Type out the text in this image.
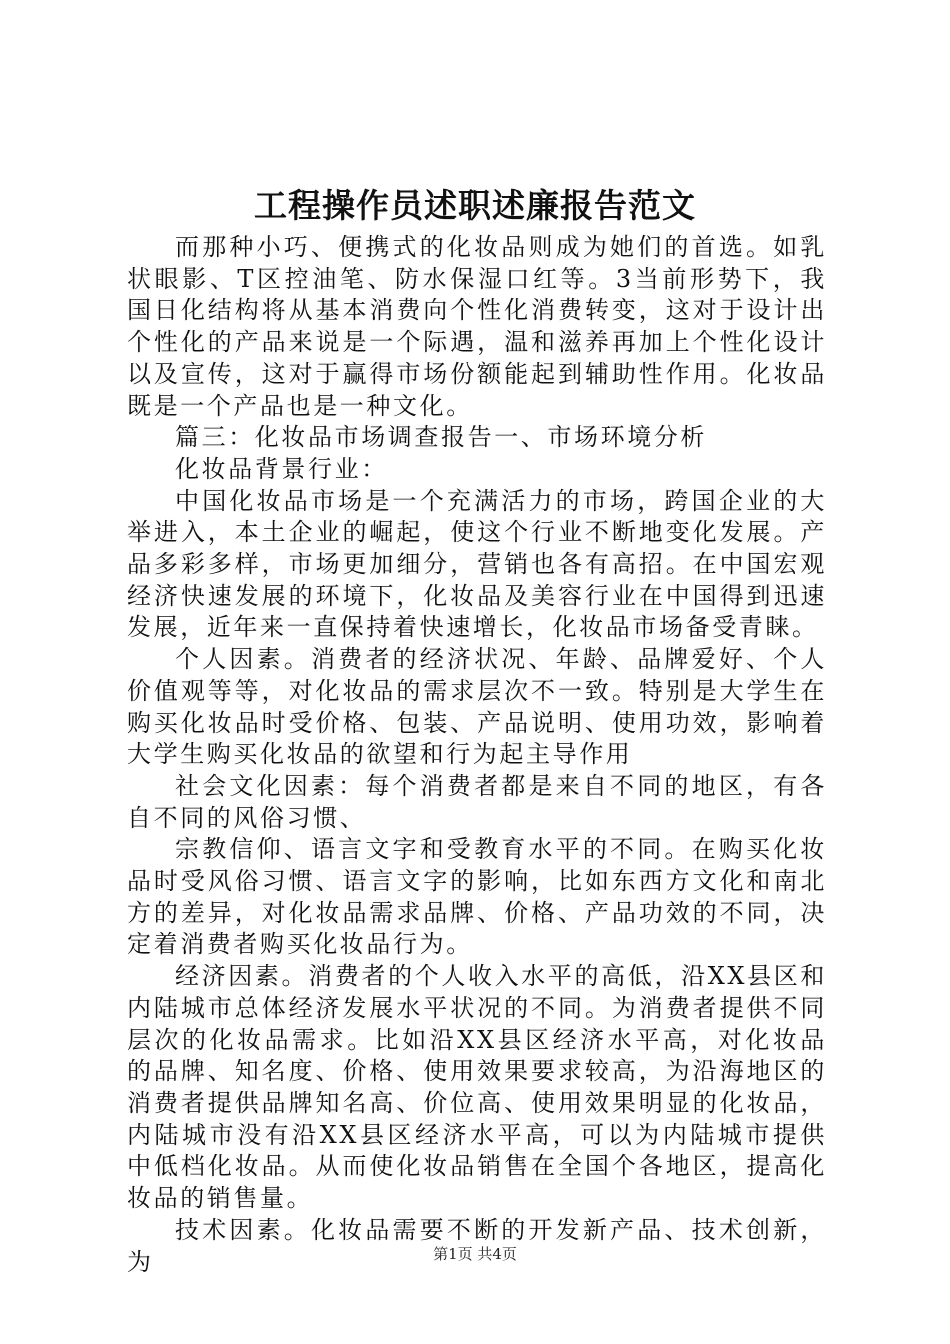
工程操作员述职述廉报告范文

而那种小巧、便携式的化妆品则成为她们的首选。如乳状眼影、T区控油笔、防水保湿口红等。3当前形势下，我国日化结构将从基本消费向个性化消费转变，这对于设计出个性化的产品来说是一个际遇，温和滋养再加上个性化设计以及宣传，这对于赢得市场份额能起到辅助性作用。化妆品既是一个产品也是一种文化。

篇三：化妆品市场调查报告一、市场环境分析

化妆品背景行业：

中国化妆品市场是一个充满活力的市场，跨国企业的大举进入，本土企业的崛起，使这个行业不断地变化发展。产品多彩多样，市场更加细分，营销也各有高招。在中国宏观经济快速发展的环境下，化妆品及美容行业在中国得到迅速发展，近年来一直保持着快速增长，化妆品市场备受青睐。

个人因素。消费者的经济状况、年龄、品牌爱好、个人价值观等等，对化妆品的需求层次不一致。特别是大学生在购买化妆品时受价格、包装、产品说明、使用功效，影响着大学生购买化妆品的欲望和行为起主导作用

社会文化因素：每个消费者都是来自不同的地区，有各自不同的风俗习惯、

宗教信仰、语言文字和受教育水平的不同。在购买化妆品时受风俗习惯、语言文字的影响，比如东西方文化和南北方的差异，对化妆品需求品牌、价格、产品功效的不同，决定着消费者购买化妆品行为。

经济因素。消费者的个人收入水平的高低，沿XX县区和内陆城市总体经济发展水平状况的不同。为消费者提供不同层次的化妆品需求。比如沿XX县区经济水平高，对化妆品的品牌、知名度、价格、使用效果要求较高，为沿海地区的消费者提供品牌知名高、价位高、使用效果明显的化妆品，内陆城市没有沿XX县区经济水平高，可以为内陆城市提供中低档化妆品。从而使化妆品销售在全国个各地区，提高化妆品的销售量。

技术因素。化妆品需要不断的开发新产品、技术创新，为	第1页 共4页
